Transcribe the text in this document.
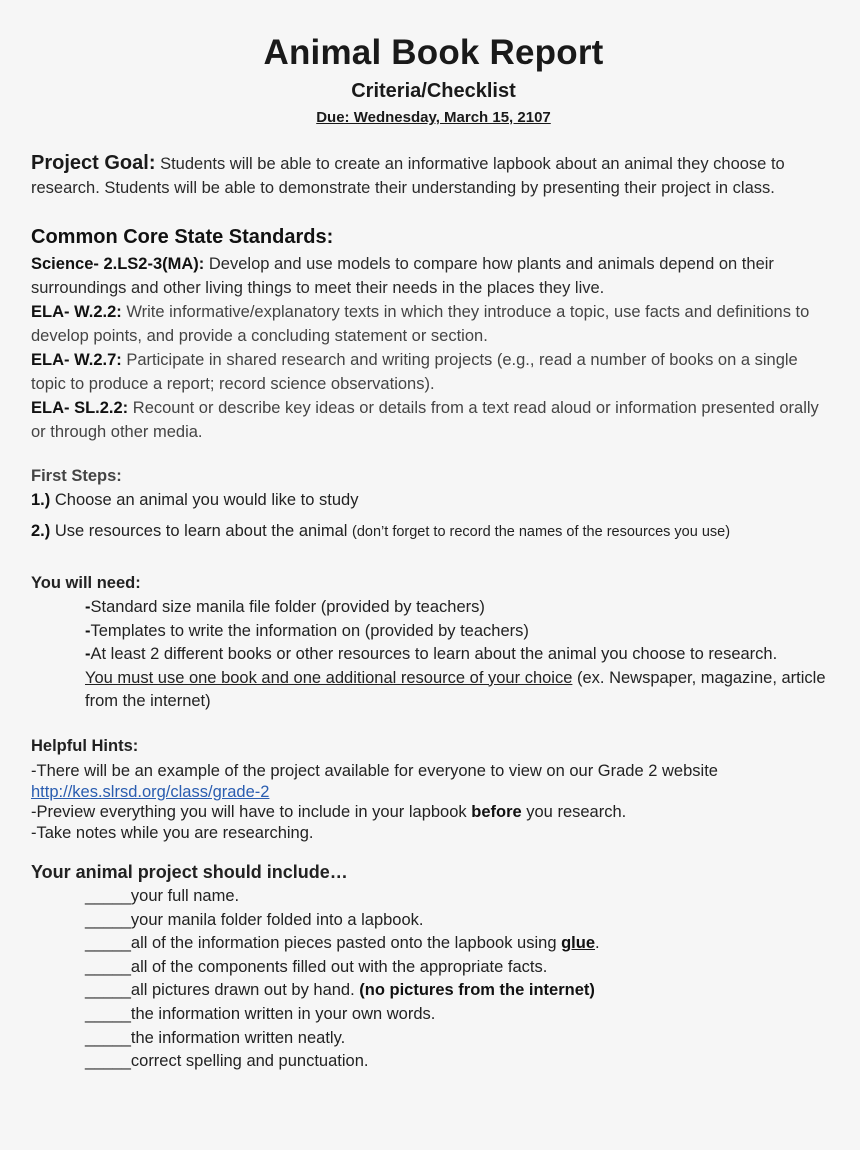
Animal Book Report
Criteria/Checklist
Due: Wednesday, March 15, 2107
Project Goal: Students will be able to create an informative lapbook about an animal they choose to research. Students will be able to demonstrate their understanding by presenting their project in class.
Common Core State Standards:
Science- 2.LS2-3(MA): Develop and use models to compare how plants and animals depend on their surroundings and other living things to meet their needs in the places they live.
ELA- W.2.2: Write informative/explanatory texts in which they introduce a topic, use facts and definitions to develop points, and provide a concluding statement or section.
ELA- W.2.7: Participate in shared research and writing projects (e.g., read a number of books on a single topic to produce a report; record science observations).
ELA- SL.2.2: Recount or describe key ideas or details from a text read aloud or information presented orally or through other media.
First Steps:
1.) Choose an animal you would like to study
2.) Use resources to learn about the animal (don’t forget to record the names of the resources you use)
You will need:
-Standard size manila file folder (provided by teachers)
-Templates to write the information on (provided by teachers)
-At least 2 different books or other resources to learn about the animal you choose to research.
You must use one book and one additional resource of your choice (ex. Newspaper, magazine, article from the internet)
Helpful Hints:
-There will be an example of the project available for everyone to view on our Grade 2 website
http://kes.slrsd.org/class/grade-2
-Preview everything you will have to include in your lapbook before you research.
-Take notes while you are researching.
Your animal project should include…
_____your full name.
_____your manila folder folded into a lapbook.
_____all of the information pieces pasted onto the lapbook using glue.
_____all of the components filled out with the appropriate facts.
_____all pictures drawn out by hand. (no pictures from the internet)
_____the information written in your own words.
_____the information written neatly.
_____correct spelling and punctuation.
